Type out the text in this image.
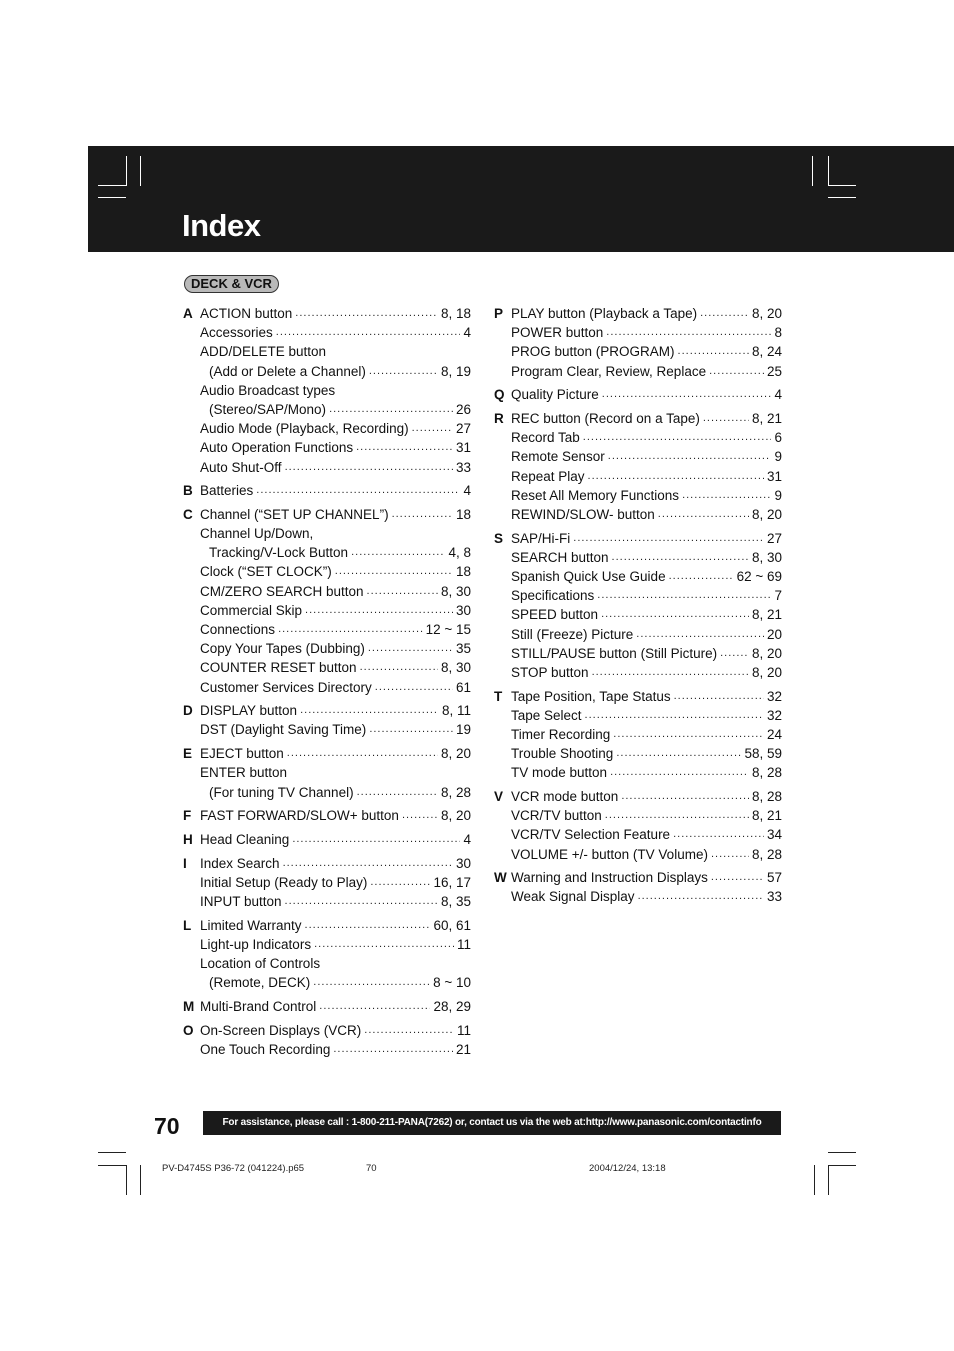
Index
DECK & VCR
A ACTION button .....	8, 18
Accessories .....	4
ADD/DELETE button
(Add or Delete a Channel) .....	8, 19
Audio Broadcast types
(Stereo/SAP/Mono) .....	26
Audio Mode (Playback, Recording) .....	27
Auto Operation Functions .....	31
Auto Shut-Off .....	33
B Batteries .....	4
C Channel (“SET UP CHANNEL”) .....	18
Channel Up/Down,
Tracking/V-Lock Button .....	4, 8
Clock (“SET CLOCK”) .....	18
CM/ZERO SEARCH button .....	8, 30
Commercial Skip .....	30
Connections .....	12 ~ 15
Copy Your Tapes (Dubbing) .....	35
COUNTER RESET button .....	8, 30
Customer Services Directory .....	61
D DISPLAY button .....	8, 11
DST (Daylight Saving Time) .....	19
E EJECT button .....	8, 20
ENTER button
(For tuning TV Channel) .....	8, 28
F FAST FORWARD/SLOW+ button .....	8, 20
H Head Cleaning .....	4
I Index Search .....	30
Initial Setup (Ready to Play) .....	16, 17
INPUT button .....	8, 35
L Limited Warranty .....	60, 61
Light-up Indicators .....	11
Location of Controls
(Remote, DECK) .....	8 ~ 10
M Multi-Brand Control .....	28, 29
O On-Screen Displays (VCR) .....	11
One Touch Recording .....	21
P PLAY button (Playback a Tape) .....	8, 20
POWER button .....	8
PROG button (PROGRAM) .....	8, 24
Program Clear, Review, Replace .....	25
Q Quality Picture .....	4
R REC button (Record on a Tape) .....	8, 21
Record Tab .....	6
Remote Sensor .....	9
Repeat Play .....	31
Reset All Memory Functions .....	9
REWIND/SLOW- button .....	8, 20
S SAP/Hi-Fi .....	27
SEARCH button .....	8, 30
Spanish Quick Use Guide .....	62 ~ 69
Specifications .....	7
SPEED button .....	8, 21
Still (Freeze) Picture .....	20
STILL/PAUSE button (Still Picture) .....	8, 20
STOP button .....	8, 20
T Tape Position, Tape Status .....	32
Tape Select .....	32
Timer Recording .....	24
Trouble Shooting .....	58, 59
TV mode button .....	8, 28
V VCR mode button .....	8, 28
VCR/TV button .....	8, 21
VCR/TV Selection Feature .....	34
VOLUME +/- button (TV Volume) .....	8, 28
W Warning and Instruction Displays .....	57
Weak Signal Display .....	33
70	For assistance, please call : 1-800-211-PANA(7262) or, contact us via the web at:http://www.panasonic.com/contactinfo
PV-D4745S P36-72 (041224).p65	70	2004/12/24, 13:18
